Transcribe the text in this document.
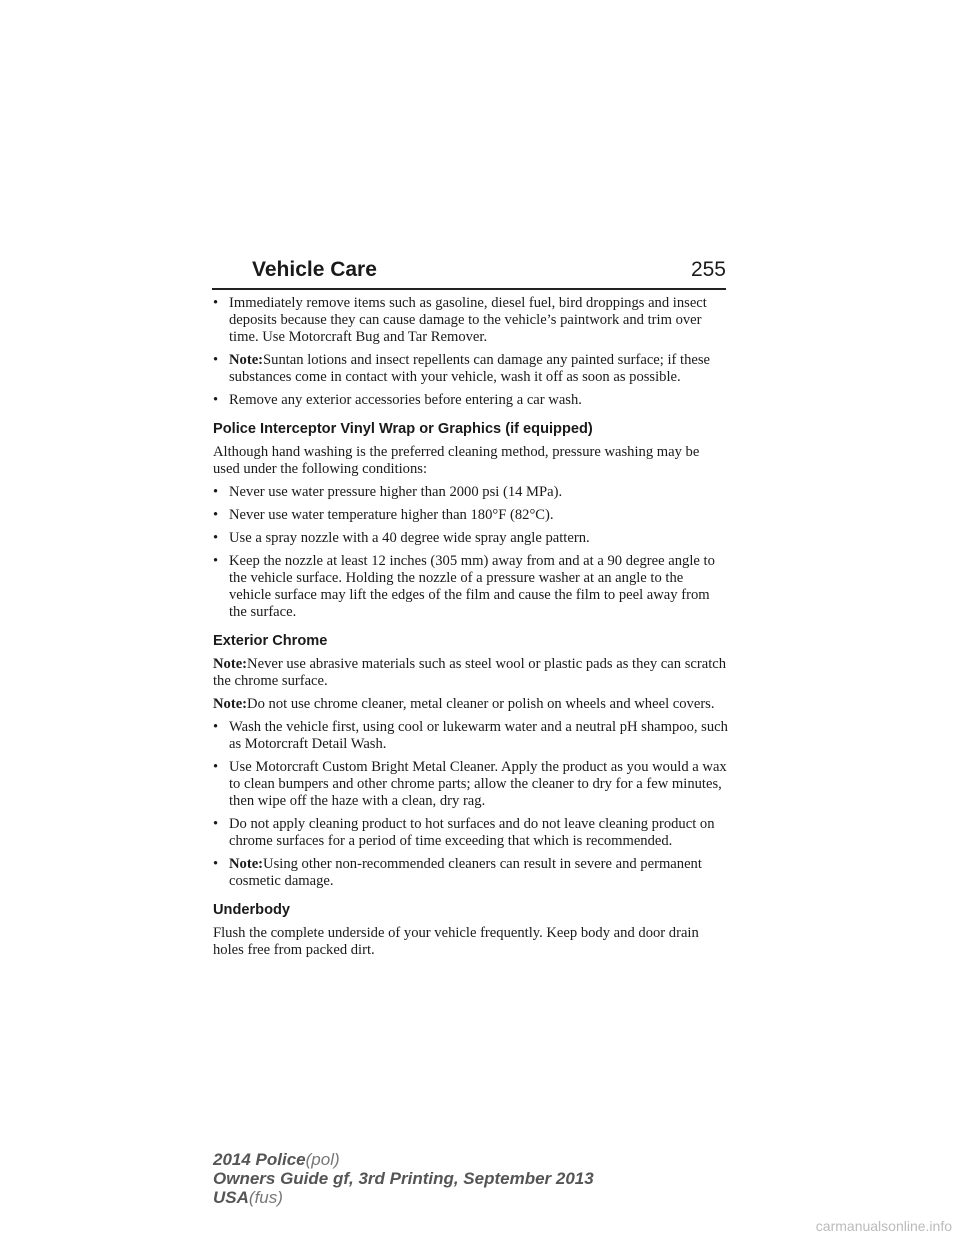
Vehicle Care	255
• Immediately remove items such as gasoline, diesel fuel, bird droppings and insect deposits because they can cause damage to the vehicle’s paintwork and trim over time. Use Motorcraft Bug and Tar Remover.
• Note:Suntan lotions and insect repellents can damage any painted surface; if these substances come in contact with your vehicle, wash it off as soon as possible.
• Remove any exterior accessories before entering a car wash.
Police Interceptor Vinyl Wrap or Graphics (if equipped)

Although hand washing is the preferred cleaning method, pressure washing may be used under the following conditions:

• Never use water pressure higher than 2000 psi (14 MPa).
• Never use water temperature higher than 180°F (82°C).
• Use a spray nozzle with a 40 degree wide spray angle pattern.
• Keep the nozzle at least 12 inches (305 mm) away from and at a 90 degree angle to the vehicle surface. Holding the nozzle of a pressure washer at an angle to the vehicle surface may lift the edges of the film and cause the film to peel away from the surface.
Exterior Chrome

Note:Never use abrasive materials such as steel wool or plastic pads as they can scratch the chrome surface.

Note:Do not use chrome cleaner, metal cleaner or polish on wheels and wheel covers.

• Wash the vehicle first, using cool or lukewarm water and a neutral pH shampoo, such as Motorcraft Detail Wash.
• Use Motorcraft Custom Bright Metal Cleaner. Apply the product as you would a wax to clean bumpers and other chrome parts; allow the cleaner to dry for a few minutes, then wipe off the haze with a clean, dry rag.
• Do not apply cleaning product to hot surfaces and do not leave cleaning product on chrome surfaces for a period of time exceeding that which is recommended.
• Note:Using other non-recommended cleaners can result in severe and permanent cosmetic damage.
Underbody

Flush the complete underside of your vehicle frequently. Keep body and door drain holes free from packed dirt.

2014 Police(pol)
Owners Guide gf, 3rd Printing, September 2013
USA(fus)
carmanualsonline.info
